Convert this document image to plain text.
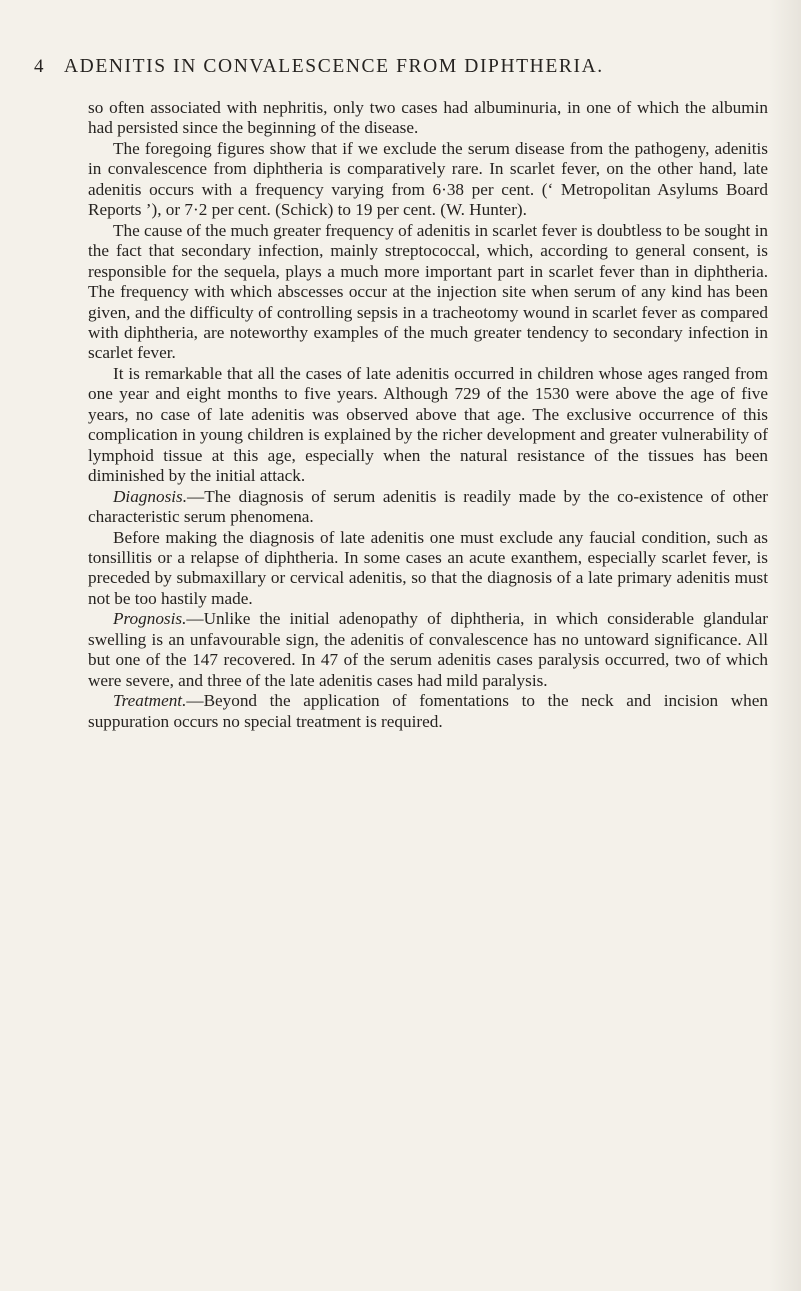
4 ADENITIS IN CONVALESCENCE FROM DIPHTHERIA.

so often associated with nephritis, only two cases had albuminuria, in one of which the albumin had persisted since the beginning of the disease.

The foregoing figures show that if we exclude the serum disease from the pathogeny, adenitis in convalescence from diphtheria is comparatively rare. In scarlet fever, on the other hand, late adenitis occurs with a frequency varying from 6·38 per cent. (‘ Metropolitan Asylums Board Reports ’), or 7·2 per cent. (Schick) to 19 per cent. (W. Hunter).

The cause of the much greater frequency of adenitis in scarlet fever is doubtless to be sought in the fact that secondary infection, mainly streptococcal, which, according to general consent, is responsible for the sequela, plays a much more important part in scarlet fever than in diphtheria. The frequency with which abscesses occur at the injection site when serum of any kind has been given, and the difficulty of controlling sepsis in a tracheotomy wound in scarlet fever as compared with diphtheria, are noteworthy examples of the much greater tendency to secondary infection in scarlet fever.

It is remarkable that all the cases of late adenitis occurred in children whose ages ranged from one year and eight months to five years. Although 729 of the 1530 were above the age of five years, no case of late adenitis was observed above that age. The exclusive occurrence of this complication in young children is explained by the richer development and greater vulnerability of lymphoid tissue at this age, especially when the natural resistance of the tissues has been diminished by the initial attack.

Diagnosis.—The diagnosis of serum adenitis is readily made by the co-existence of other characteristic serum phenomena.

Before making the diagnosis of late adenitis one must exclude any faucial condition, such as tonsillitis or a relapse of diphtheria. In some cases an acute exanthem, especially scarlet fever, is preceded by submaxillary or cervical adenitis, so that the diagnosis of a late primary adenitis must not be too hastily made.

Prognosis.—Unlike the initial adenopathy of diphtheria, in which considerable glandular swelling is an unfavourable sign, the adenitis of convalescence has no untoward significance. All but one of the 147 recovered. In 47 of the serum adenitis cases paralysis occurred, two of which were severe, and three of the late adenitis cases had mild paralysis.

Treatment.—Beyond the application of fomentations to the neck and incision when suppuration occurs no special treatment is required.
